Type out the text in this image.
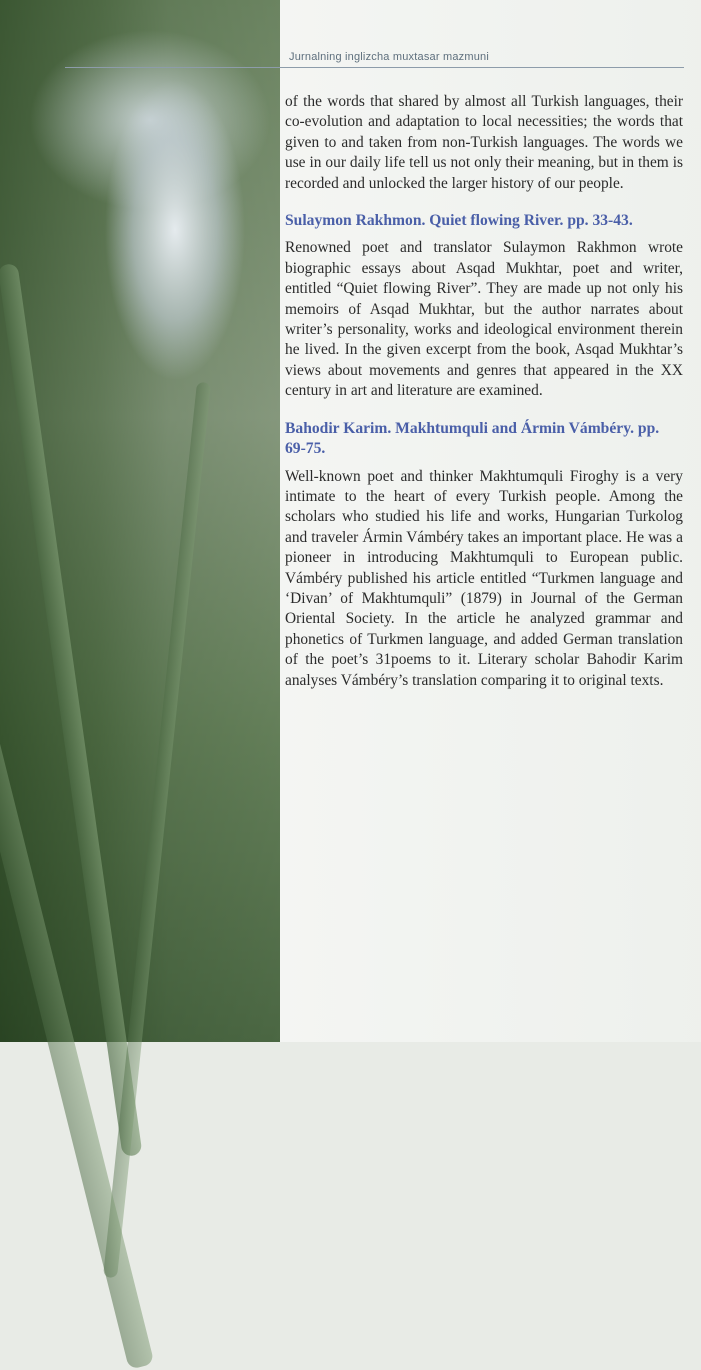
Jurnalning inglizcha muxtasar mazmuni

of the words that shared by almost all Turkish languages, their co-evolution and adaptation to local necessities; the words that given to and taken from non-Turkish languages. The words we use in our daily life tell us not only their meaning, but in them is recorded and unlocked the larger history of our people.

Sulaymon Rakhmon. Quiet flowing River. pp. 33-43.

Renowned poet and translator Sulaymon Rakhmon wrote biographic essays about Asqad Mukhtar, poet and writer, entitled “Quiet flowing River”. They are made up not only his memoirs of Asqad Mukhtar, but the author narrates about writer’s personality, works and ideological environment therein he lived. In the given excerpt from the book, Asqad Mukhtar’s views about movements and genres that appeared in the XX century in art and literature are examined.

Bahodir Karim. Makhtumquli and Ármin Vámbéry. pp. 69-75.

Well-known poet and thinker Makhtumquli Firoghy is a very intimate to the heart of every Turkish people. Among the scholars who studied his life and works, Hungarian Turkolog and traveler Ármin Vámbéry takes an important place. He was a pioneer in introducing Makhtumquli to European public. Vámbéry published his article entitled “Turkmen language and ‘Divan’ of Makhtumquli” (1879) in Journal of the German Oriental Society. In the article he analyzed grammar and phonetics of Turkmen language, and added German translation of the poet’s 31poems to it. Literary scholar Bahodir Karim analyses Vámbéry’s translation comparing it to original texts.
